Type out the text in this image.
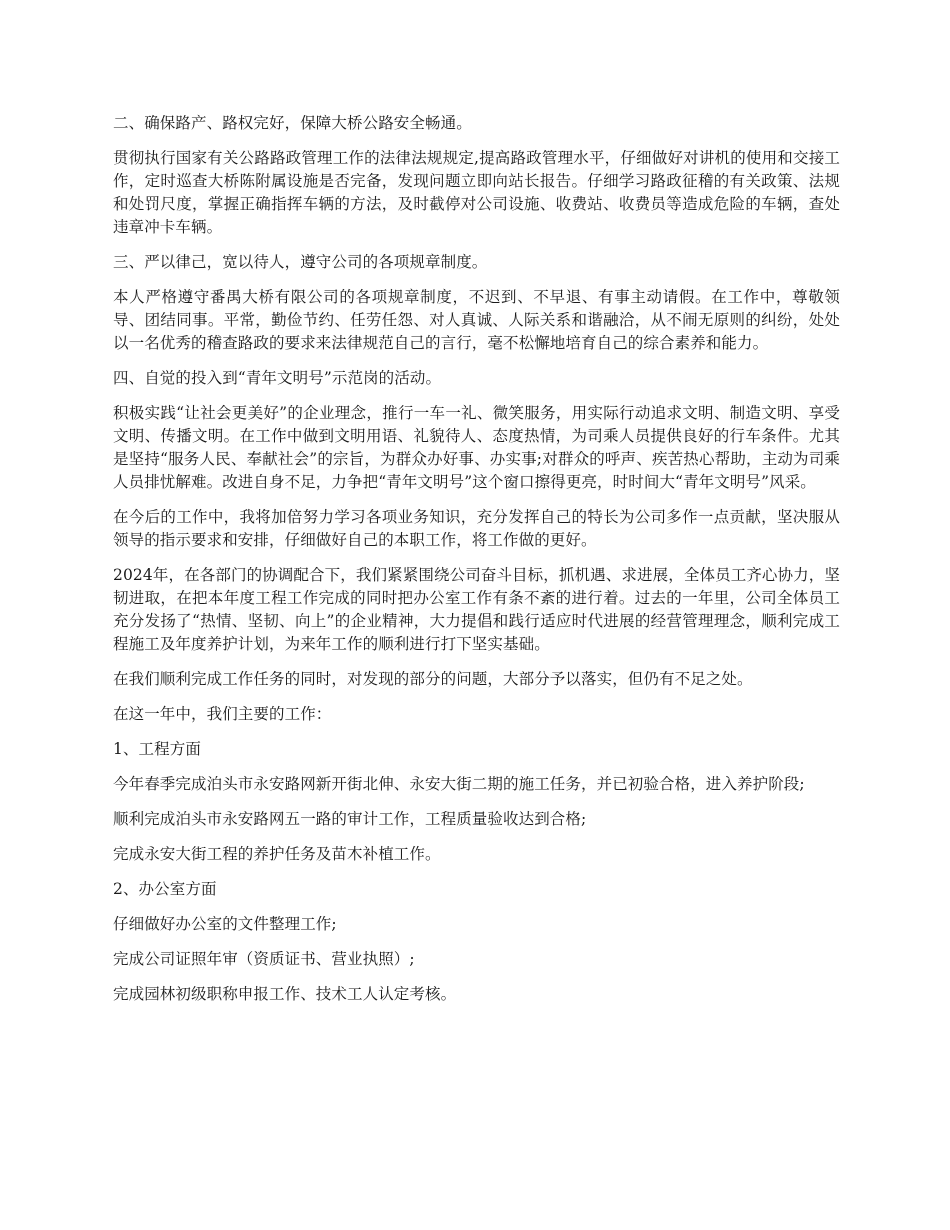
二、确保路产、路权完好，保障大桥公路安全畅通。

贯彻执行国家有关公路路政管理工作的法律法规规定,提高路政管理水平，仔细做好对讲机的使用和交接工作，定时巡查大桥陈附属设施是否完备，发现问题立即向站长报告。仔细学习路政征稽的有关政策、法规和处罚尺度，掌握正确指挥车辆的方法，及时截停对公司设施、收费站、收费员等造成危险的车辆，查处违章冲卡车辆。

三、严以律己，宽以待人，遵守公司的各项规章制度。

本人严格遵守番禺大桥有限公司的各项规章制度，不迟到、不早退、有事主动请假。在工作中，尊敬领导、团结同事。平常，勤俭节约、任劳任怨、对人真诚、人际关系和谐融洽，从不闹无原则的纠纷，处处以一名优秀的稽查路政的要求来法律规范自己的言行，毫不松懈地培育自己的综合素养和能力。

四、自觉的投入到“青年文明号”示范岗的活动。

积极实践“让社会更美好”的企业理念，推行一车一礼、微笑服务，用实际行动追求文明、制造文明、享受文明、传播文明。在工作中做到文明用语、礼貌待人、态度热情，为司乘人员提供良好的行车条件。尤其是坚持“服务人民、奉献社会”的宗旨，为群众办好事、办实事;对群众的呼声、疾苦热心帮助，主动为司乘人员排忧解难。改进自身不足，力争把“青年文明号”这个窗口擦得更亮，时时间大“青年文明号”风采。

在今后的工作中，我将加倍努力学习各项业务知识，充分发挥自己的特长为公司多作一点贡献，坚决服从领导的指示要求和安排，仔细做好自己的本职工作，将工作做的更好。

2024年，在各部门的协调配合下，我们紧紧围绕公司奋斗目标，抓机遇、求进展，全体员工齐心协力，坚韧进取，在把本年度工程工作完成的同时把办公室工作有条不紊的进行着。过去的一年里，公司全体员工充分发扬了“热情、坚韧、向上”的企业精神，大力提倡和践行适应时代进展的经营管理理念，顺利完成工程施工及年度养护计划，为来年工作的顺利进行打下坚实基础。

在我们顺利完成工作任务的同时，对发现的部分的问题，大部分予以落实，但仍有不足之处。

在这一年中，我们主要的工作：

1、工程方面

今年春季完成泊头市永安路网新开街北伸、永安大街二期的施工任务，并已初验合格，进入养护阶段;

顺利完成泊头市永安路网五一路的审计工作，工程质量验收达到合格;

完成永安大街工程的养护任务及苗木补植工作。

2、办公室方面

仔细做好办公室的文件整理工作;

完成公司证照年审（资质证书、营业执照）;

完成园林初级职称申报工作、技术工人认定考核。
